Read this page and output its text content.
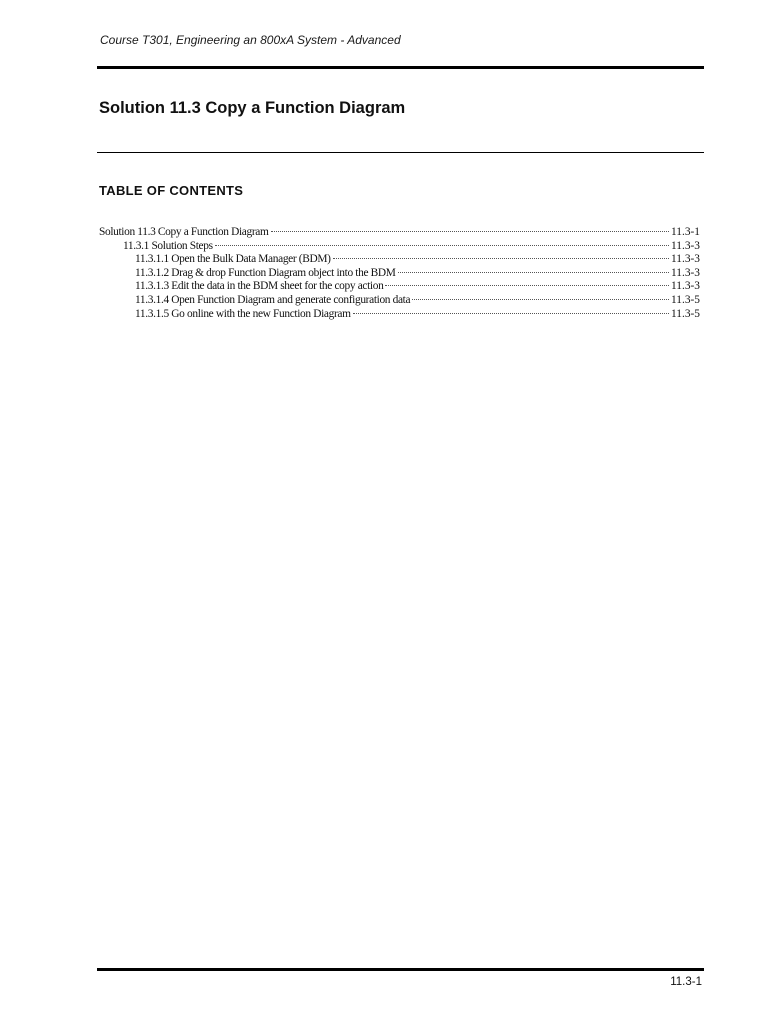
Course T301, Engineering an 800xA System - Advanced
Solution 11.3 Copy a Function Diagram
TABLE OF CONTENTS
Solution 11.3 Copy a Function Diagram	11.3-1
11.3.1 Solution Steps	11.3-3
11.3.1.1 Open the Bulk Data Manager (BDM)	11.3-3
11.3.1.2 Drag & drop Function Diagram object into the BDM	11.3-3
11.3.1.3 Edit the data in the BDM sheet for the copy action	11.3-3
11.3.1.4 Open Function Diagram and generate configuration data	11.3-5
11.3.1.5 Go online with the new Function Diagram	11.3-5
11.3-1
